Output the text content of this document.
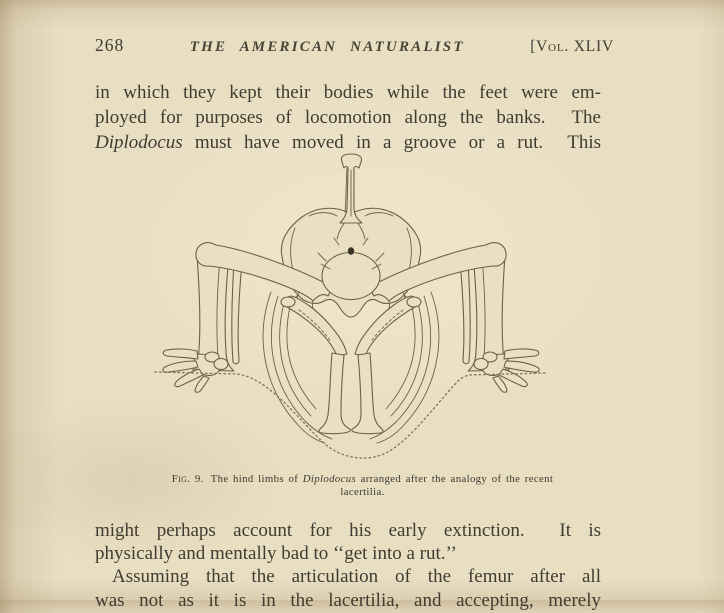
268	THE AMERICAN NATURALIST	[Vol. XLIV
in which they kept their bodies while the feet were em-
ployed for purposes of locomotion along the banks.  The
Diplodocus must have moved in a groove or a rut.  This
Fig. 9. The hind limbs of Diplodocus arranged after the analogy of the recent
lacertilia.
might perhaps account for his early extinction.  It is
physically and mentally bad to ‘‘get into a rut.’’
Assuming that the articulation of the femur after all
was not as it is in the lacertilia, and accepting, merely
